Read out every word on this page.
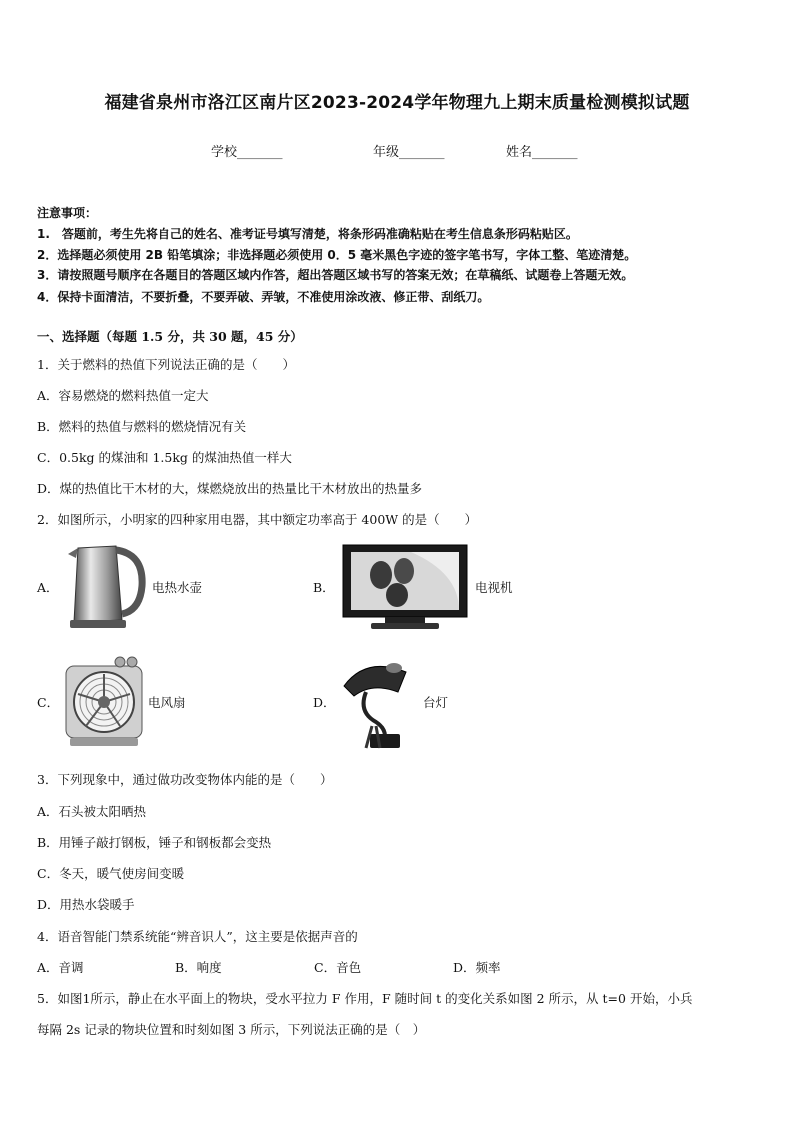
福建省泉州市洛江区南片区2023-2024学年物理九上期末质量检测模拟试题
学校_______	年级_______	姓名_______
注意事项：
1.　答题前，考生先将自己的姓名、准考证号填写清楚，将条形码准确粘贴在考生信息条形码粘贴区。
2．选择题必须使用 2B 铅笔填涂；非选择题必须使用 0．5 毫米黑色字迹的签字笔书写，字体工整、笔迹清楚。
3．请按照题号顺序在各题目的答题区域内作答，超出答题区域书写的答案无效；在草稿纸、试题卷上答题无效。
4．保持卡面清洁，不要折叠，不要弄破、弄皱，不准使用涂改液、修正带、刮纸刀。
一、选择题（每题 1.5 分，共 30 题，45 分）
1．关于燃料的热值下列说法正确的是（　　）
A．容易燃烧的燃料热值一定大
B．燃料的热值与燃料的燃烧情况有关
C．0.5kg 的煤油和 1.5kg 的煤油热值一样大
D．煤的热值比干木材的大，煤燃烧放出的热量比干木材放出的热量多
2．如图所示，小明家的四种家用电器，其中额定功率高于 400W 的是（　　）
A．	电热水壶	B．	电视机
C．	电风扇	D．	台灯
3．下列现象中，通过做功改变物体内能的是（　　）
A．石头被太阳晒热
B．用锤子敲打钢板，锤子和钢板都会变热
C．冬天，暖气使房间变暖
D．用热水袋暖手
4．语音智能门禁系统能“辨音识人”，这主要是依据声音的
A．音调	B．响度	C．音色	D．频率
5．如图1所示，静止在水平面上的物块，受水平拉力 F 作用，F 随时间 t 的变化关系如图 2 所示，从 t=0 开始，小兵
每隔 2s 记录的物块位置和时刻如图 3 所示，下列说法正确的是（　）
